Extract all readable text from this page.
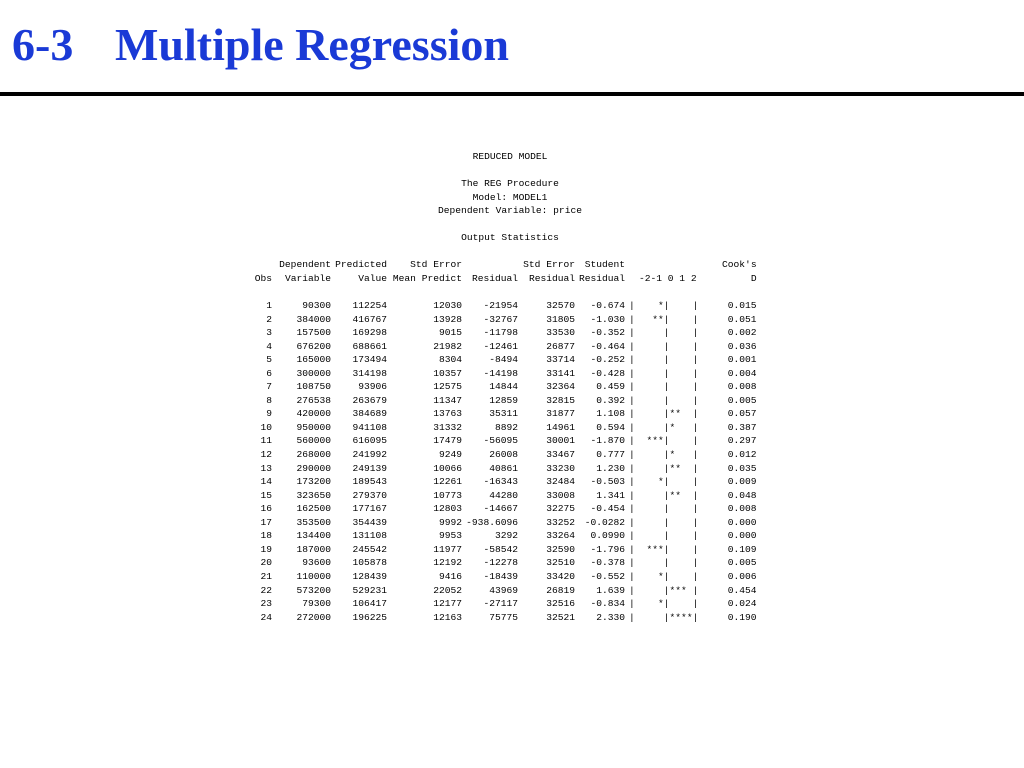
6-3 Multiple Regression
REDUCED MODEL
The REG Procedure
Model: MODEL1
Dependent Variable: price
Output Statistics
	Dependent	Predicted	Std Error		Std Error	Student				Cook's
Obs	Variable	Value	Mean Predict	Residual	Residual	Residual		-2-1 0 1 2		D

1	90300	112254	12030	-21954	32570	-0.674	|	*|	|	0.015
2	384000	416767	13928	-32767	31805	-1.030	|	**|	|	0.051
3	157500	169298	9015	-11798	33530	-0.352	|	|	|	0.002
4	676200	688661	21982	-12461	26877	-0.464	|	|	|	0.036
5	165000	173494	8304	-8494	33714	-0.252	|	|	|	0.001
6	300000	314198	10357	-14198	33141	-0.428	|	|	|	0.004
7	108750	93906	12575	14844	32364	0.459	|	|	|	0.008
8	276538	263679	11347	12859	32815	0.392	|	|	|	0.005
9	420000	384689	13763	35311	31877	1.108	|	|**	|	0.057
10	950000	941108	31332	8892	14961	0.594	|	|*	|	0.387
11	560000	616095	17479	-56095	30001	-1.870	|	***|	|	0.297
12	268000	241992	9249	26008	33467	0.777	|	|*	|	0.012
13	290000	249139	10066	40861	33230	1.230	|	|**	|	0.035
14	173200	189543	12261	-16343	32484	-0.503	|	*|	|	0.009
15	323650	279370	10773	44280	33008	1.341	|	|**	|	0.048
16	162500	177167	12803	-14667	32275	-0.454	|	|	|	0.008
17	353500	354439	9992	-938.6096	33252	-0.0282	|	|	|	0.000
18	134400	131108	9953	3292	33264	0.0990	|	|	|	0.000
19	187000	245542	11977	-58542	32590	-1.796	|	***|	|	0.109
20	93600	105878	12192	-12278	32510	-0.378	|	|	|	0.005
21	110000	128439	9416	-18439	33420	-0.552	|	*|	|	0.006
22	573200	529231	22052	43969	26819	1.639	|	|***	|	0.454
23	79300	106417	12177	-27117	32516	-0.834	|	*|	|	0.024
24	272000	196225	12163	75775	32521	2.330	|	|****	|	0.190
